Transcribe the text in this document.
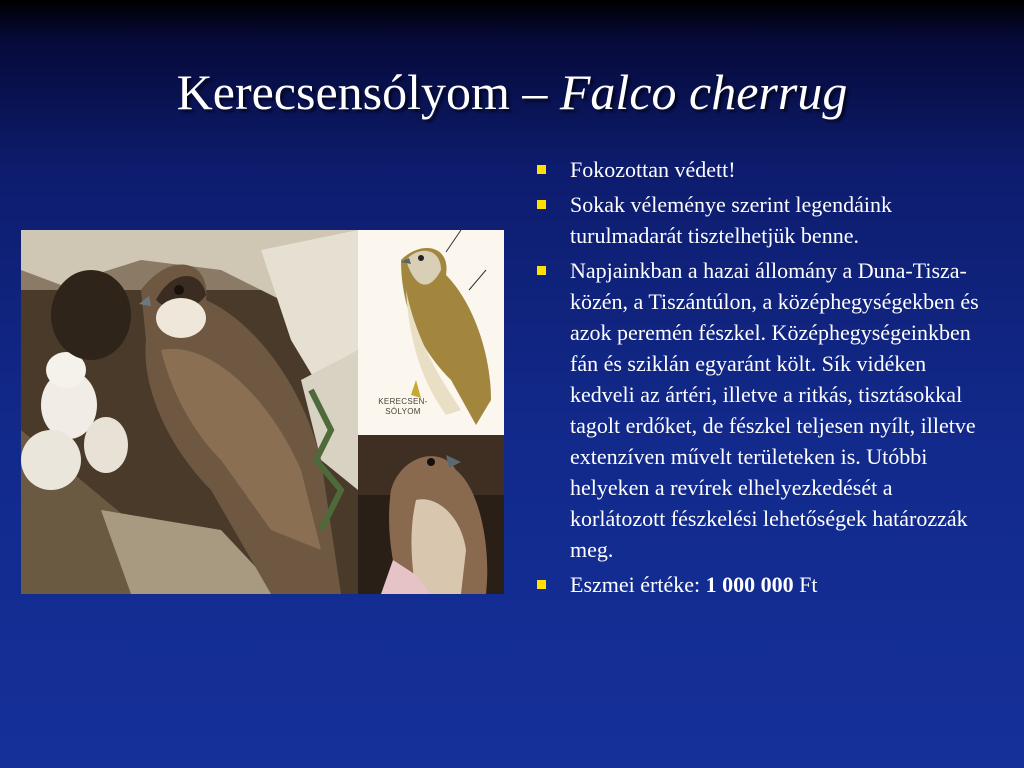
Kerecsensólyom – Falco cherrug
KERECSEN-
SÓLYOM
Fokozottan védett!
Sokak véleménye szerint legendáink turulmadarát tisztelhetjük benne.
Napjainkban a hazai állomány a Duna-Tisza-közén, a Tiszántúlon, a középhegységekben és azok peremén fészkel. Középhegységeinkben fán és sziklán egyaránt költ. Sík vidéken kedveli az ártéri, illetve a ritkás, tisztásokkal tagolt erdőket, de fészkel teljesen nyílt, illetve extenzíven művelt területeken is. Utóbbi helyeken a revírek elhelyezkedését a korlátozott fészkelési lehetőségek határozzák meg.
Eszmei értéke: 1 000 000 Ft
